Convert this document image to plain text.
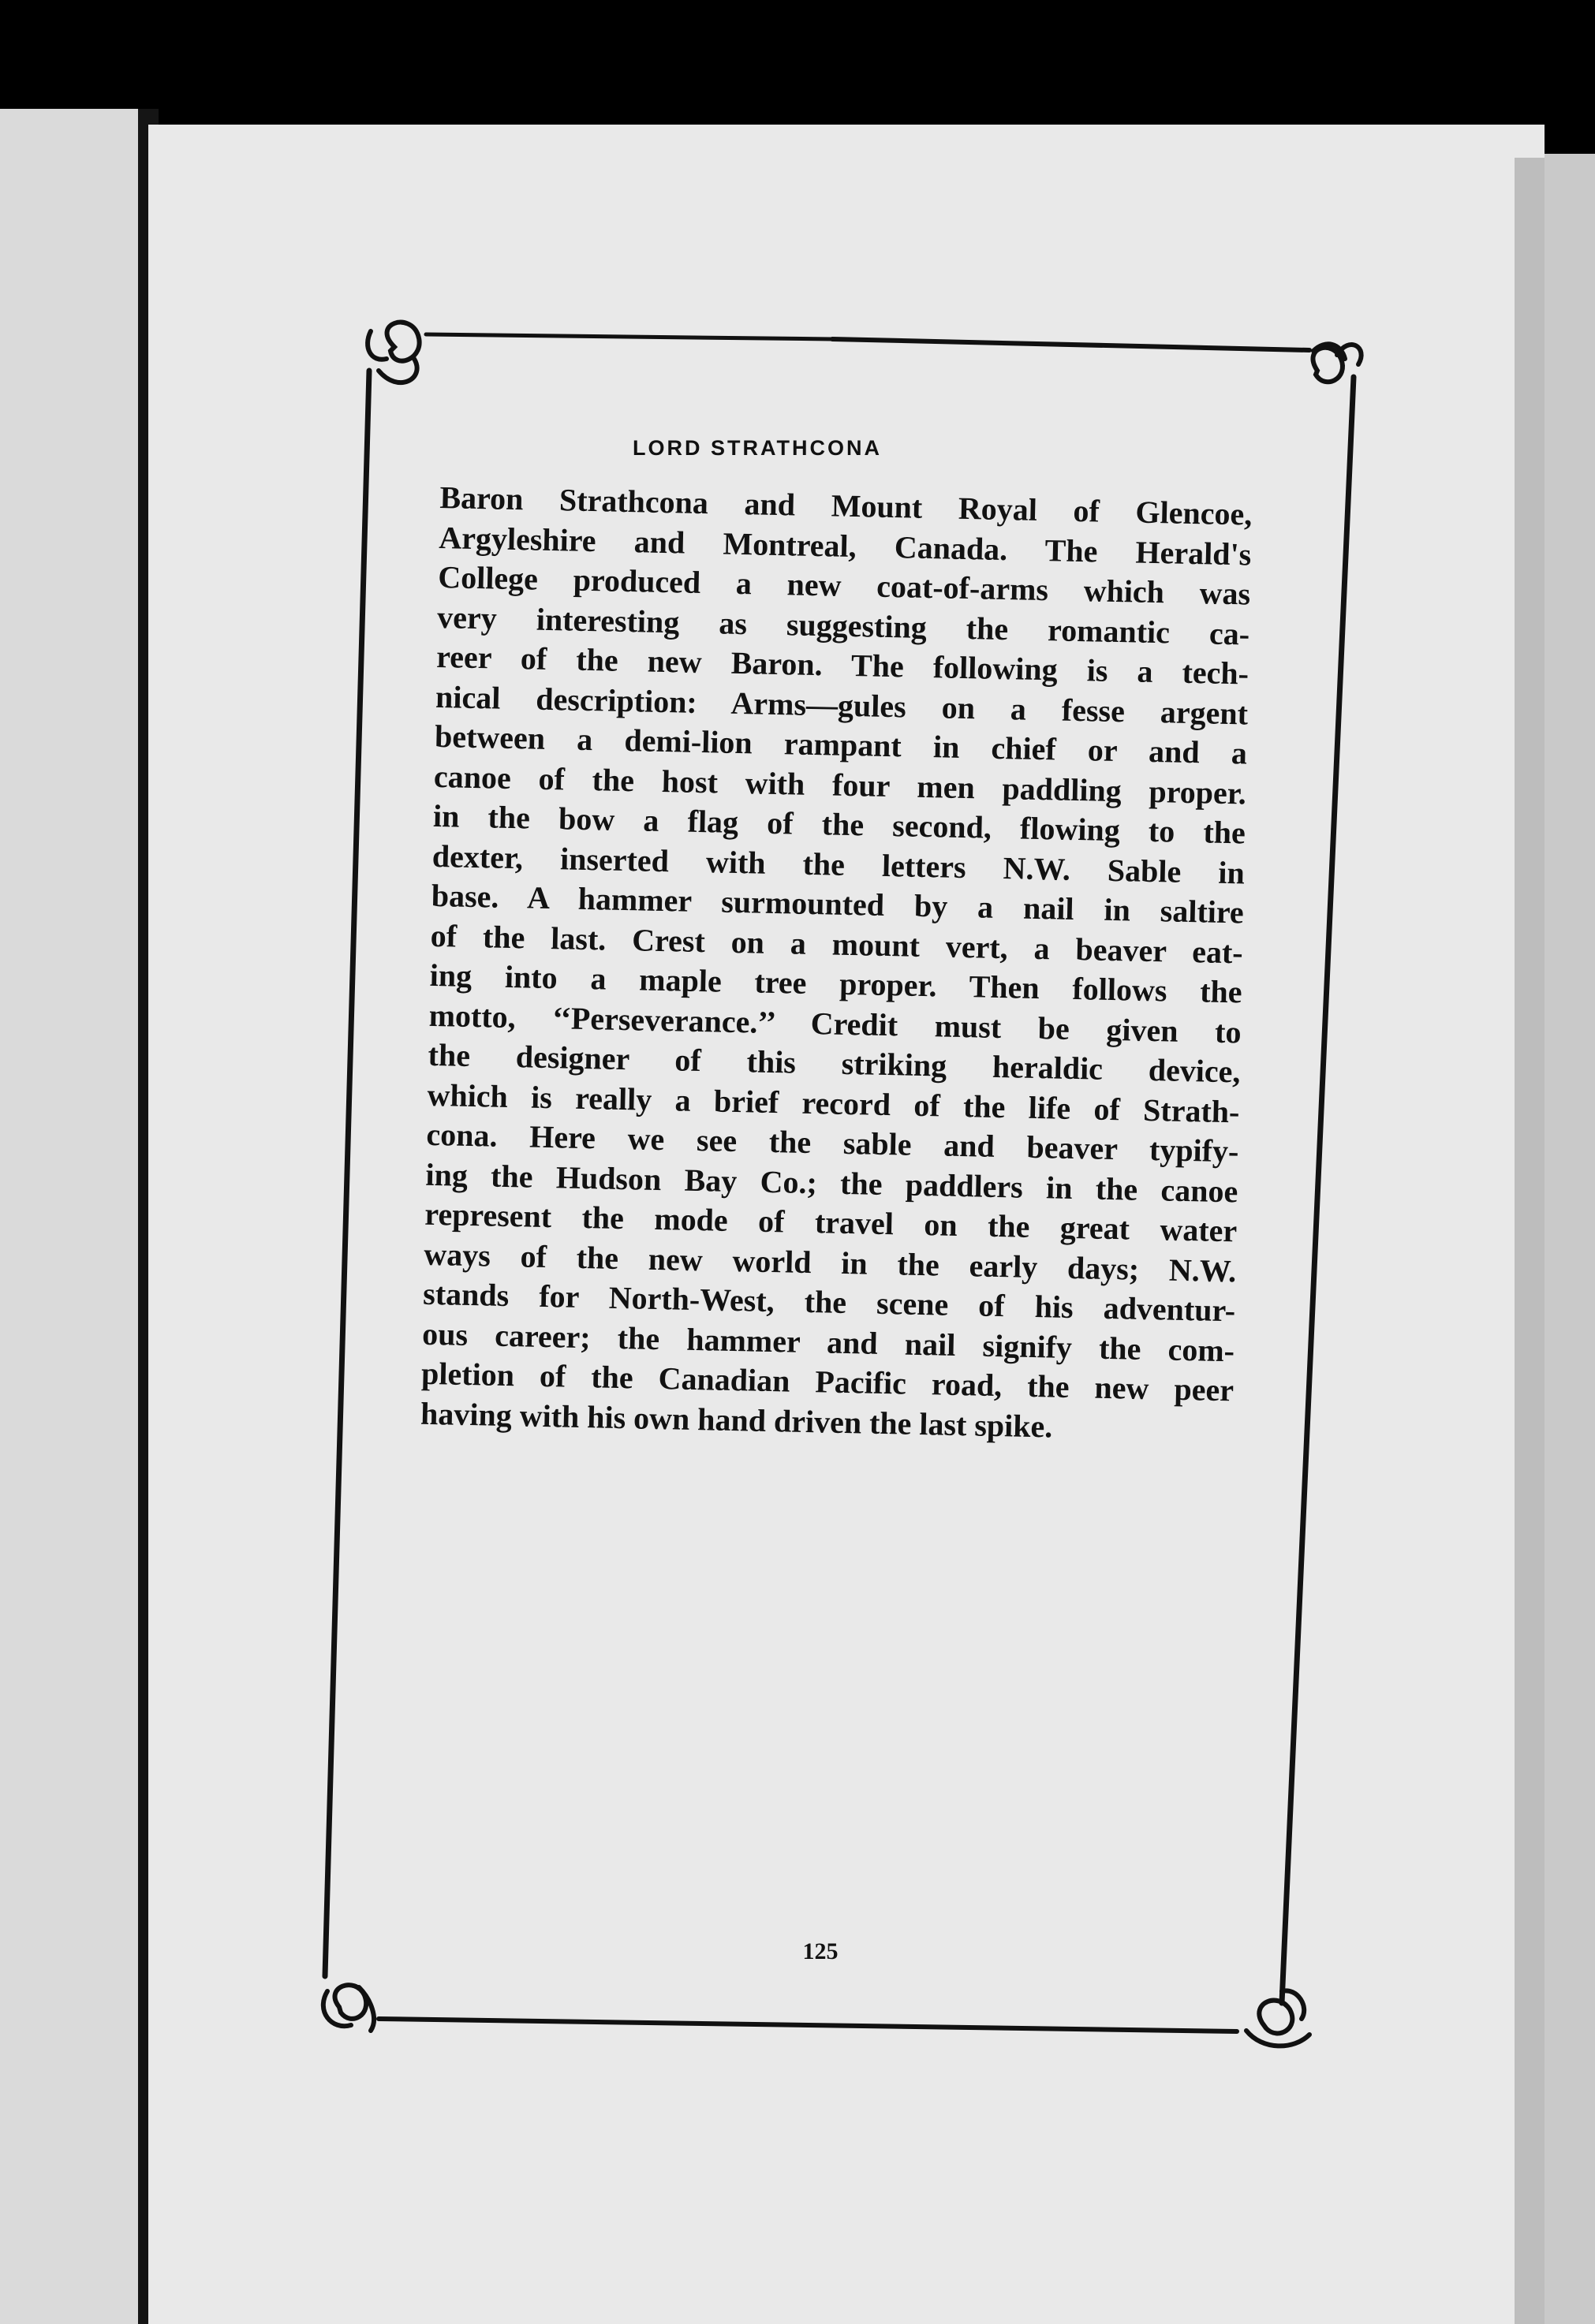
LORD STRATHCONA
Baron Strathcona and Mount Royal of Glencoe,
Argyleshire and Montreal, Canada. The Herald's
College produced a new coat-of-arms which was
very interesting as suggesting the romantic ca-
reer of the new Baron. The following is a tech-
nical description: Arms—gules on a fesse argent
between a demi-lion rampant in chief or and a
canoe of the host with four men paddling proper.
in the bow a flag of the second, flowing to the
dexter, inserted with the letters N.W. Sable in
base. A hammer surmounted by a nail in saltire
of the last. Crest on a mount vert, a beaver eat-
ing into a maple tree proper. Then follows the
motto, ‘‘Perseverance.’’ Credit must be given to
the designer of this striking heraldic device,
which is really a brief record of the life of Strath-
cona. Here we see the sable and beaver typify-
ing the Hudson Bay Co.; the paddlers in the canoe
represent the mode of travel on the great water
ways of the new world in the early days; N.W.
stands for North-West, the scene of his adventur-
ous career; the hammer and nail signify the com-
pletion of the Canadian Pacific road, the new peer
having with his own hand driven the last spike.
125
